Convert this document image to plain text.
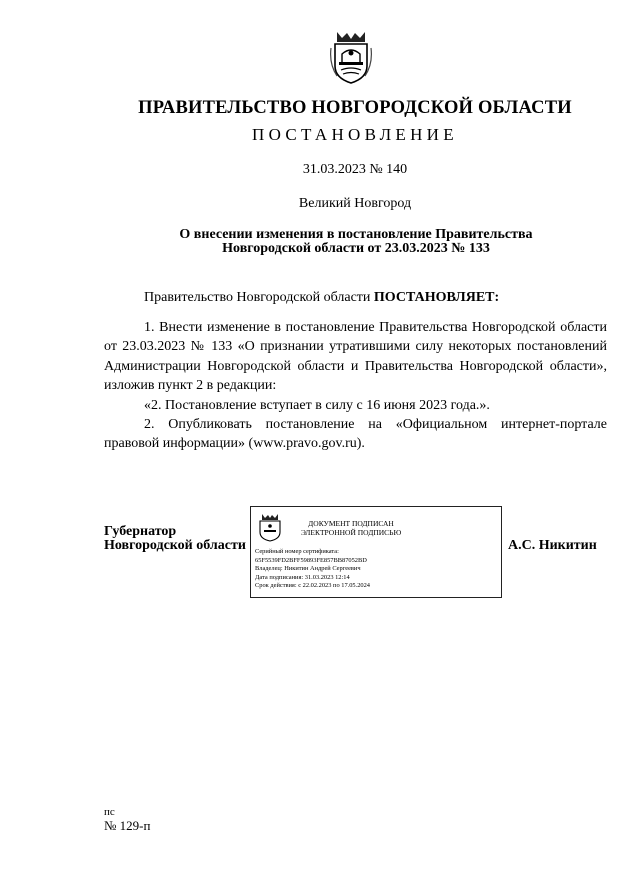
ПРАВИТЕЛЬСТВО НОВГОРОДСКОЙ ОБЛАСТИ
ПОСТАНОВЛЕНИЕ
31.03.2023 № 140
Великий Новгород
О внесении изменения в постановление Правительства
Новгородской области от 23.03.2023 № 133
Правительство Новгородской области ПОСТАНОВЛЯЕТ:

1. Внести изменение в постановление Правительства Новгородской области от 23.03.2023 № 133 «О признании утратившими силу некоторых постановлений Администрации Новгородской области и Правительства Новгородской области», изложив пункт 2 в редакции:

«2. Постановление вступает в силу с 16 июня 2023 года.».

2. Опубликовать постановление на «Официальном интернет-портале правовой информации» (www.pravo.gov.ru).

Губернатор
Новгородской области
ДОКУМЕНТ ПОДПИСАН
ЭЛЕКТРОННОЙ ПОДПИСЬЮ
Серийный номер сертификата:
65F5539FD2BFF59893FE857BB87052BD
Владелец: Никитин Андрей Сергеевич
Дата подписания: 31.03.2023 12:14
Срок действия: с 22.02.2023 по 17.05.2024
А.С. Никитин
пс
№ 129-п
